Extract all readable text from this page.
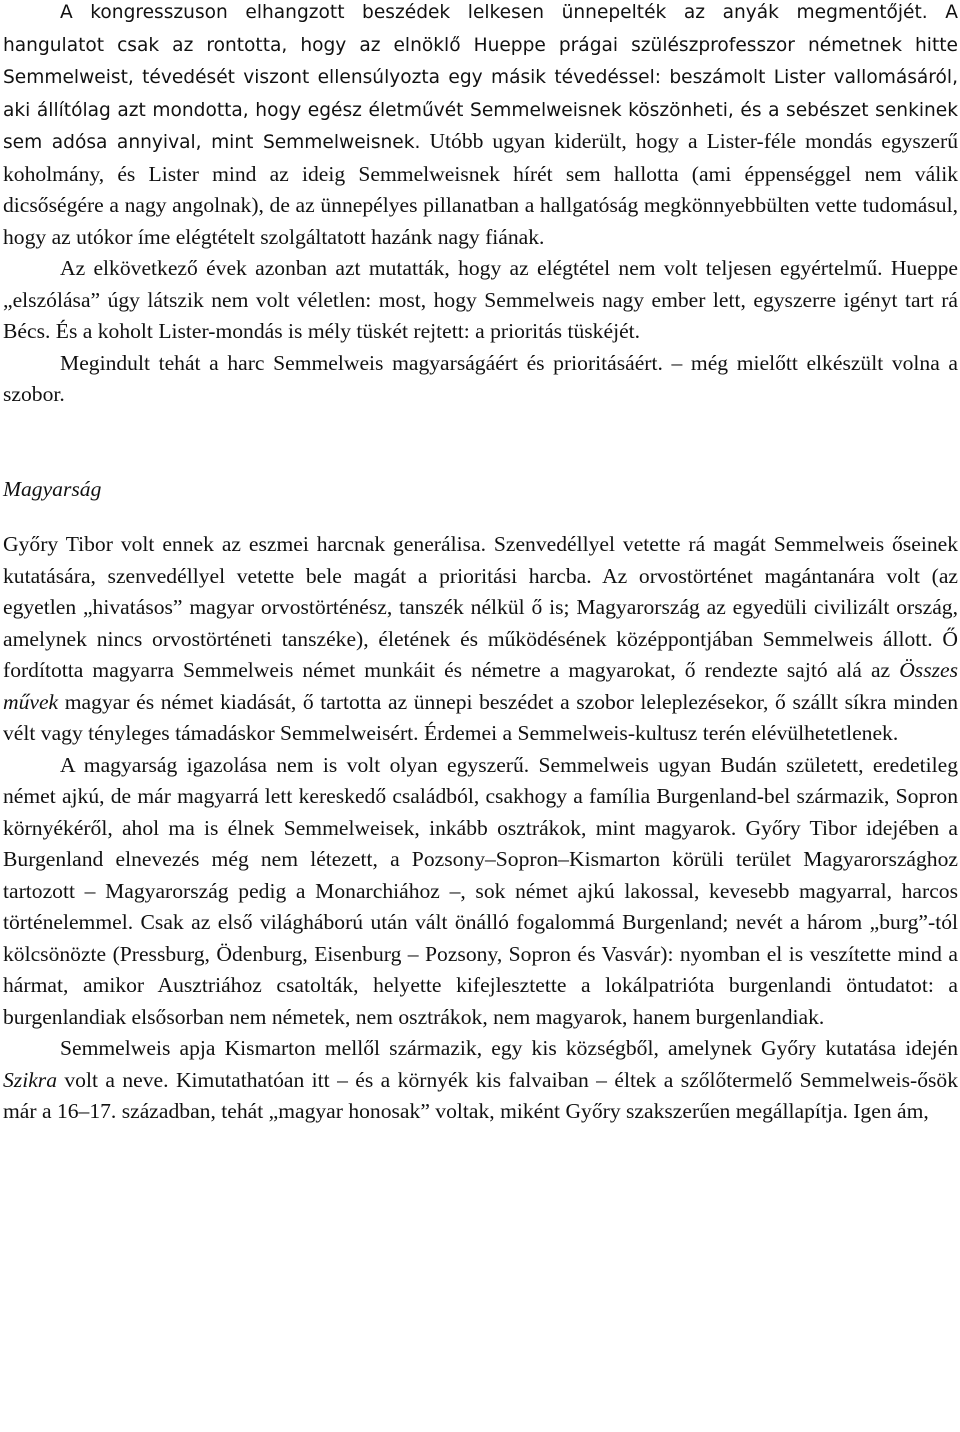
A kongresszuson elhangzott beszédek lelkesen ünnepelték az anyák megmentőjét. A hangulatot csak az rontotta, hogy az elnöklő Hueppe prágai szülészprofesszor németnek hitte Semmelweist, tévedését viszont ellensúlyozta egy másik tévedéssel: beszámolt Lister vallomásáról, aki állítólag azt mondotta, hogy egész életművét Semmelweisnek köszönheti, és a sebészet senkinek sem adósa annyival, mint Semmelweisnek. Utóbb ugyan kiderült, hogy a Lister-féle mondás egyszerű koholmány, és Lister mind az ideig Semmelweisnek hírét sem hallotta (ami éppenséggel nem válik dicsőségére a nagy angolnak), de az ünnepélyes pillanatban a hallgatóság megkönnyebbülten vette tudomásul, hogy az utókor íme elégtételt szolgáltatott hazánk nagy fiának.

Az elkövetkező évek azonban azt mutatták, hogy az elégtétel nem volt teljesen egyértelmű. Hueppe „elszólása” úgy látszik nem volt véletlen: most, hogy Semmelweis nagy ember lett, egyszerre igényt tart rá Bécs. És a koholt Lister-mondás is mély tüskét rejtett: a prioritás tüskéjét.

Megindult tehát a harc Semmelweis magyarságáért és prioritásáért. – még mielőtt elkészült volna a szobor.

Magyarság

Győry Tibor volt ennek az eszmei harcnak generálisa. Szenvedéllyel vetette rá magát Semmelweis őseinek kutatására, szenvedéllyel vetette bele magát a prioritási harcba. Az orvostörténet magántanára volt (az egyetlen „hivatásos” magyar orvostörténész, tanszék nélkül ő is; Magyarország az egyedüli civilizált ország, amelynek nincs orvostörténeti tanszéke), életének és működésének középpontjában Semmelweis állott. Ő fordította magyarra Semmelweis német munkáit és németre a magyarokat, ő rendezte sajtó alá az Összes művek magyar és német kiadását, ő tartotta az ünnepi beszédet a szobor leleplezésekor, ő szállt síkra minden vélt vagy tényleges támadáskor Semmelweisért. Érdemei a Semmelweis-kultusz terén elévülhetetlenek.

A magyarság igazolása nem is volt olyan egyszerű. Semmelweis ugyan Budán született, eredetileg német ajkú, de már magyarrá lett kereskedő családból, csakhogy a família Burgenland-bel származik, Sopron környékéről, ahol ma is élnek Semmelweisek, inkább osztrákok, mint magyarok. Győry Tibor idejében a Burgenland elnevezés még nem létezett, a Pozsony–Sopron–Kismarton körüli terület Magyarországhoz tartozott – Magyarország pedig a Monarchiához –, sok német ajkú lakossal, kevesebb magyarral, harcos történelemmel. Csak az első világháború után vált önálló fogalommá Burgenland; nevét a három „burg”-tól kölcsönözte (Pressburg, Ödenburg, Eisenburg – Pozsony, Sopron és Vasvár): nyomban el is veszítette mind a hármat, amikor Ausztriához csatolták, helyette kifejlesztette a lokálpatrióta burgenlandi öntudatot: a burgenlandiak elsősorban nem németek, nem osztrákok, nem magyarok, hanem burgenlandiak.

Semmelweis apja Kismarton mellől származik, egy kis községből, amelynek Győry kutatása idején Szikra volt a neve. Kimutathatóan itt – és a környék kis falvaiban – éltek a szőlőtermelő Semmelweis-ősök már a 16–17. században, tehát „magyar honosak” voltak, miként Győry szakszerűen megállapítja. Igen ám,
